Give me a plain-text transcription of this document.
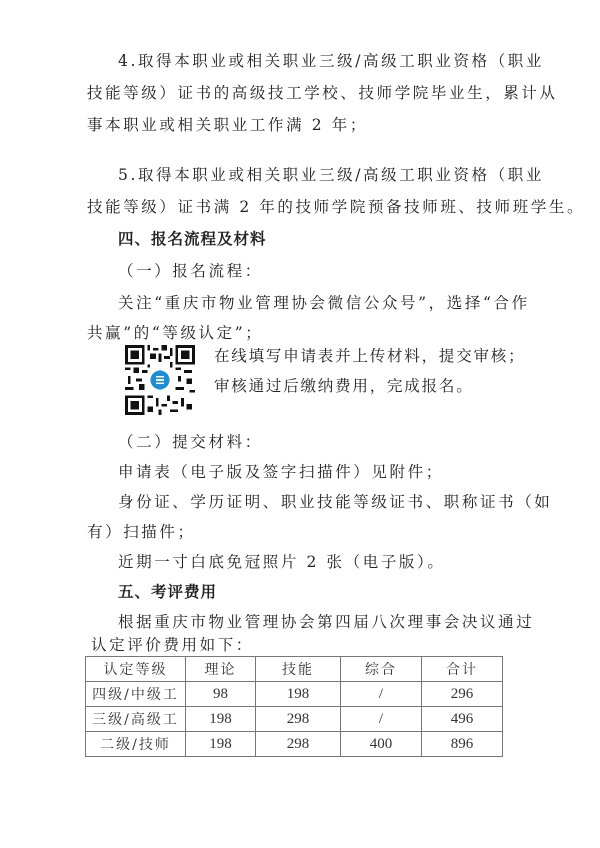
4.取得本职业或相关职业三级/高级工职业资格（职业
技能等级）证书的高级技工学校、技师学院毕业生，累计从
事本职业或相关职业工作满 2 年；
5.取得本职业或相关职业三级/高级工职业资格（职业
技能等级）证书满 2 年的技师学院预备技师班、技师班学生。
四、报名流程及材料
（一）报名流程：
关注“重庆市物业管理协会微信公众号”，选择“合作
共赢”的“等级认定”；
在线填写申请表并上传材料，提交审核；
审核通过后缴纳费用，完成报名。
（二）提交材料：
申请表（电子版及签字扫描件）见附件；
身份证、学历证明、职业技能等级证书、职称证书（如
有）扫描件；
近期一寸白底免冠照片 2 张（电子版）。
五、考评费用
根据重庆市物业管理协会第四届八次理事会决议通过
认定评价费用如下：
认定等级	理论	技能	综合	合计
四级/中级工	98	198	/	296
三级/高级工	198	298	/	496
二级/技师	198	298	400	896
